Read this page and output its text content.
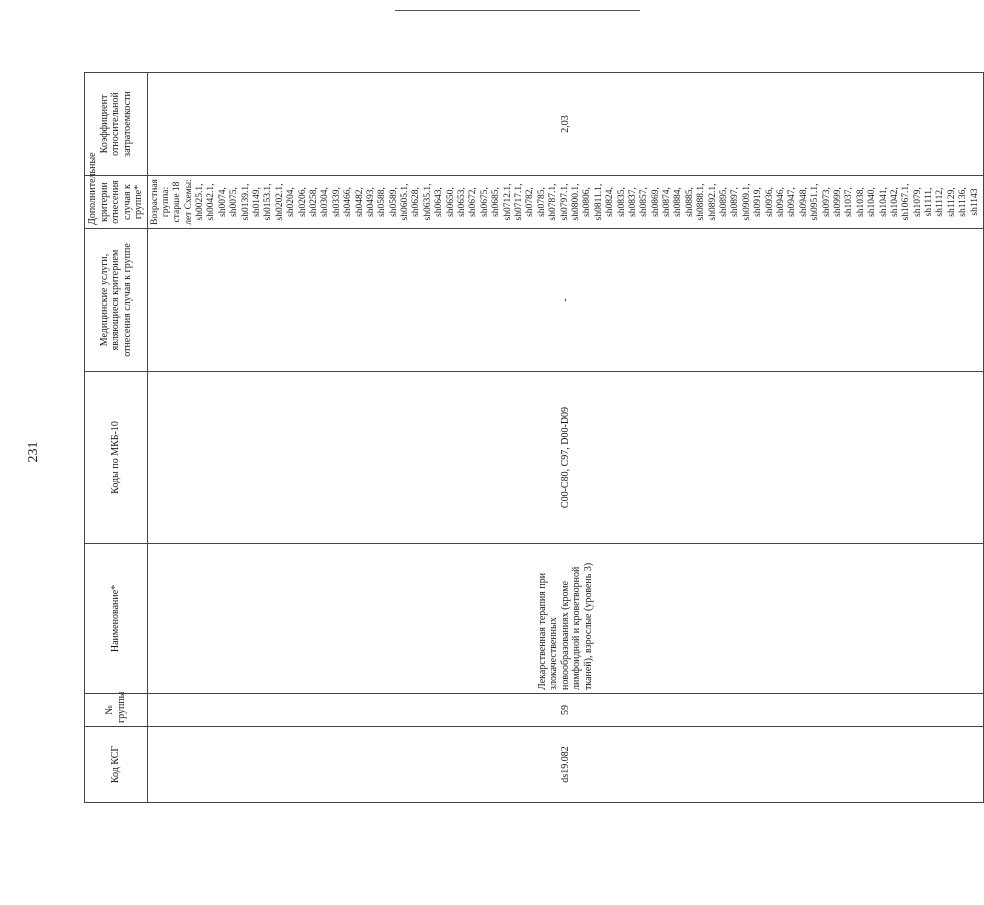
231
Код КСГ	№ группы	Наименование*	Коды по МКБ-10	Медицинские услуги, являющиеся критерием отнесения случая к группе	Дополнительные критерии отнесения случая к группе*	Коэффициент относительной затратоемкости
ds19.082	59	Лекарственная терапия при злокачественных новообразованиях (кроме лимфоидной и кроветворной тканей), взрослые (уровень 3)	C00-C80, C97, D00-D09	-	Возрастная группа: старше 18 лет Схемы: sh0025.1, sh0042.1, sh0074, sh0075, sh0139.1, sh0149, sh0153.1, sh0202.1, sh0204, sh0206, sh0258, sh0304, sh0339, sh0466, sh0482, sh0493, sh0588, sh0589, sh0605.1, sh0628, sh0635.1, sh0643, sh0650, sh0653, sh0672, sh0675, sh0685, sh0712.1, sh0717.1, sh0782, sh0785, sh0787.1, sh0797.1, sh0800.1, sh0806, sh0811.1, sh0824, sh0835, sh0837, sh0857, sh0869, sh0874, sh0884, sh0885, sh0888.1, sh0892.1, sh0895, sh0897, sh0909.1, sh0919, sh0936, sh0946, sh0947, sh0948, sh0951.1, sh0973, sh0999, sh1037, sh1038, sh1040, sh1041, sh1042, sh1067.1, sh1079, sh1111, sh1112, sh1129, sh1136, sh1143	2,03
